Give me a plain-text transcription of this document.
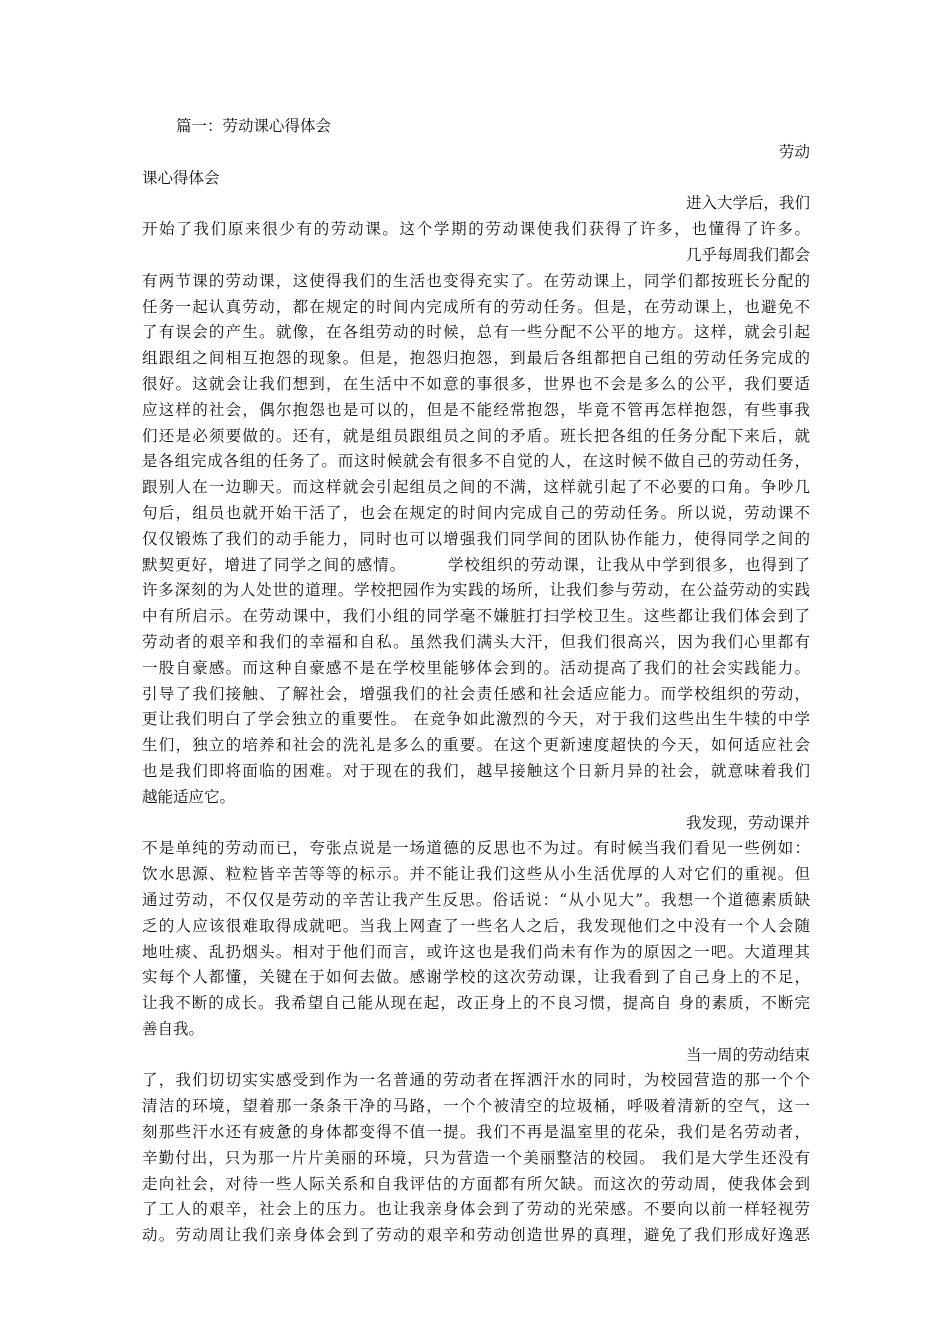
篇一：劳动课心得体会
劳动
课心得体会
进入大学后，我们
开始了我们原来很少有的劳动课。这个学期的劳动课使我们获得了许多，也懂得了许多。
几乎每周我们都会
有两节课的劳动课，这使得我们的生活也变得充实了。在劳动课上，同学们都按班长分配的
任务一起认真劳动，都在规定的时间内完成所有的劳动任务。但是，在劳动课上，也避免不
了有误会的产生。就像，在各组劳动的时候，总有一些分配不公平的地方。这样，就会引起
组跟组之间相互抱怨的现象。但是，抱怨归抱怨，到最后各组都把自己组的劳动任务完成的
很好。这就会让我们想到，在生活中不如意的事很多，世界也不会是多么的公平，我们要适
应这样的社会，偶尔抱怨也是可以的，但是不能经常抱怨，毕竟不管再怎样抱怨，有些事我
们还是必须要做的。还有，就是组员跟组员之间的矛盾。班长把各组的任务分配下来后，就
是各组完成各组的任务了。而这时候就会有很多不自觉的人，在这时候不做自己的劳动任务，
跟别人在一边聊天。而这样就会引起组员之间的不满，这样就引起了不必要的口角。争吵几
句后，组员也就开始干活了，也会在规定的时间内完成自己的劳动任务。所以说，劳动课不
仅仅锻炼了我们的动手能力，同时也可以增强我们同学间的团队协作能力，使得同学之间的
默契更好，增进了同学之间的感情。　　　学校组织的劳动课，让我从中学到很多，也得到了
许多深刻的为人处世的道理。学校把园作为实践的场所，让我们参与劳动，在公益劳动的实践
中有所启示。在劳动课中，我们小组的同学毫不嫌脏打扫学校卫生。这些都让我们体会到了
劳动者的艰辛和我们的幸福和自私。虽然我们满头大汗，但我们很高兴，因为我们心里都有
一股自豪感。而这种自豪感不是在学校里能够体会到的。活动提高了我们的社会实践能力。
引导了我们接触、了解社会，增强我们的社会责任感和社会适应能力。而学校组织的劳动，
更让我们明白了学会独立的重要性。 在竞争如此激烈的今天，对于我们这些出生牛犊的中学
生们，独立的培养和社会的洗礼是多么的重要。在这个更新速度超快的今天，如何适应社会
也是我们即将面临的困难。对于现在的我们，越早接触这个日新月异的社会，就意味着我们
越能适应它。
我发现，劳动课并
不是单纯的劳动而已，夸张点说是一场道德的反思也不为过。有时候当我们看见一些例如：
饮水思源、粒粒皆辛苦等等的标示。并不能让我们这些从小生活优厚的人对它们的重视。但
通过劳动，不仅仅是劳动的辛苦让我产生反思。俗话说：“从小见大”。我想一个道德素质缺
乏的人应该很难取得成就吧。当我上网查了一些名人之后，我发现他们之中没有一个人会随
地吐痰、乱扔烟头。相对于他们而言，或许这也是我们尚未有作为的原因之一吧。大道理其
实每个人都懂，关键在于如何去做。感谢学校的这次劳动课，让我看到了自己身上的不足，
让我不断的成长。我希望自己能从现在起，改正身上的不良习惯，提高自 身的素质，不断完
善自我。
当一周的劳动结束
了，我们切切实实感受到作为一名普通的劳动者在挥洒汗水的同时，为校园营造的那一个个
清洁的环境，望着那一条条干净的马路，一个个被清空的垃圾桶，呼吸着清新的空气，这一
刻那些汗水还有疲惫的身体都变得不值一提。我们不再是温室里的花朵，我们是名劳动者，
辛勤付出，只为那一片片美丽的环境，只为营造一个美丽整洁的校园。 我们是大学生还没有
走向社会，对待一些人际关系和自我评估的方面都有所欠缺。而这次的劳动周，使我体会到
了工人的艰辛，社会上的压力。也让我亲身体会到了劳动的光荣感。不要向以前一样轻视劳
动。劳动周让我们亲身体会到了劳动的艰辛和劳动创造世界的真理，避免了我们形成好逸恶
